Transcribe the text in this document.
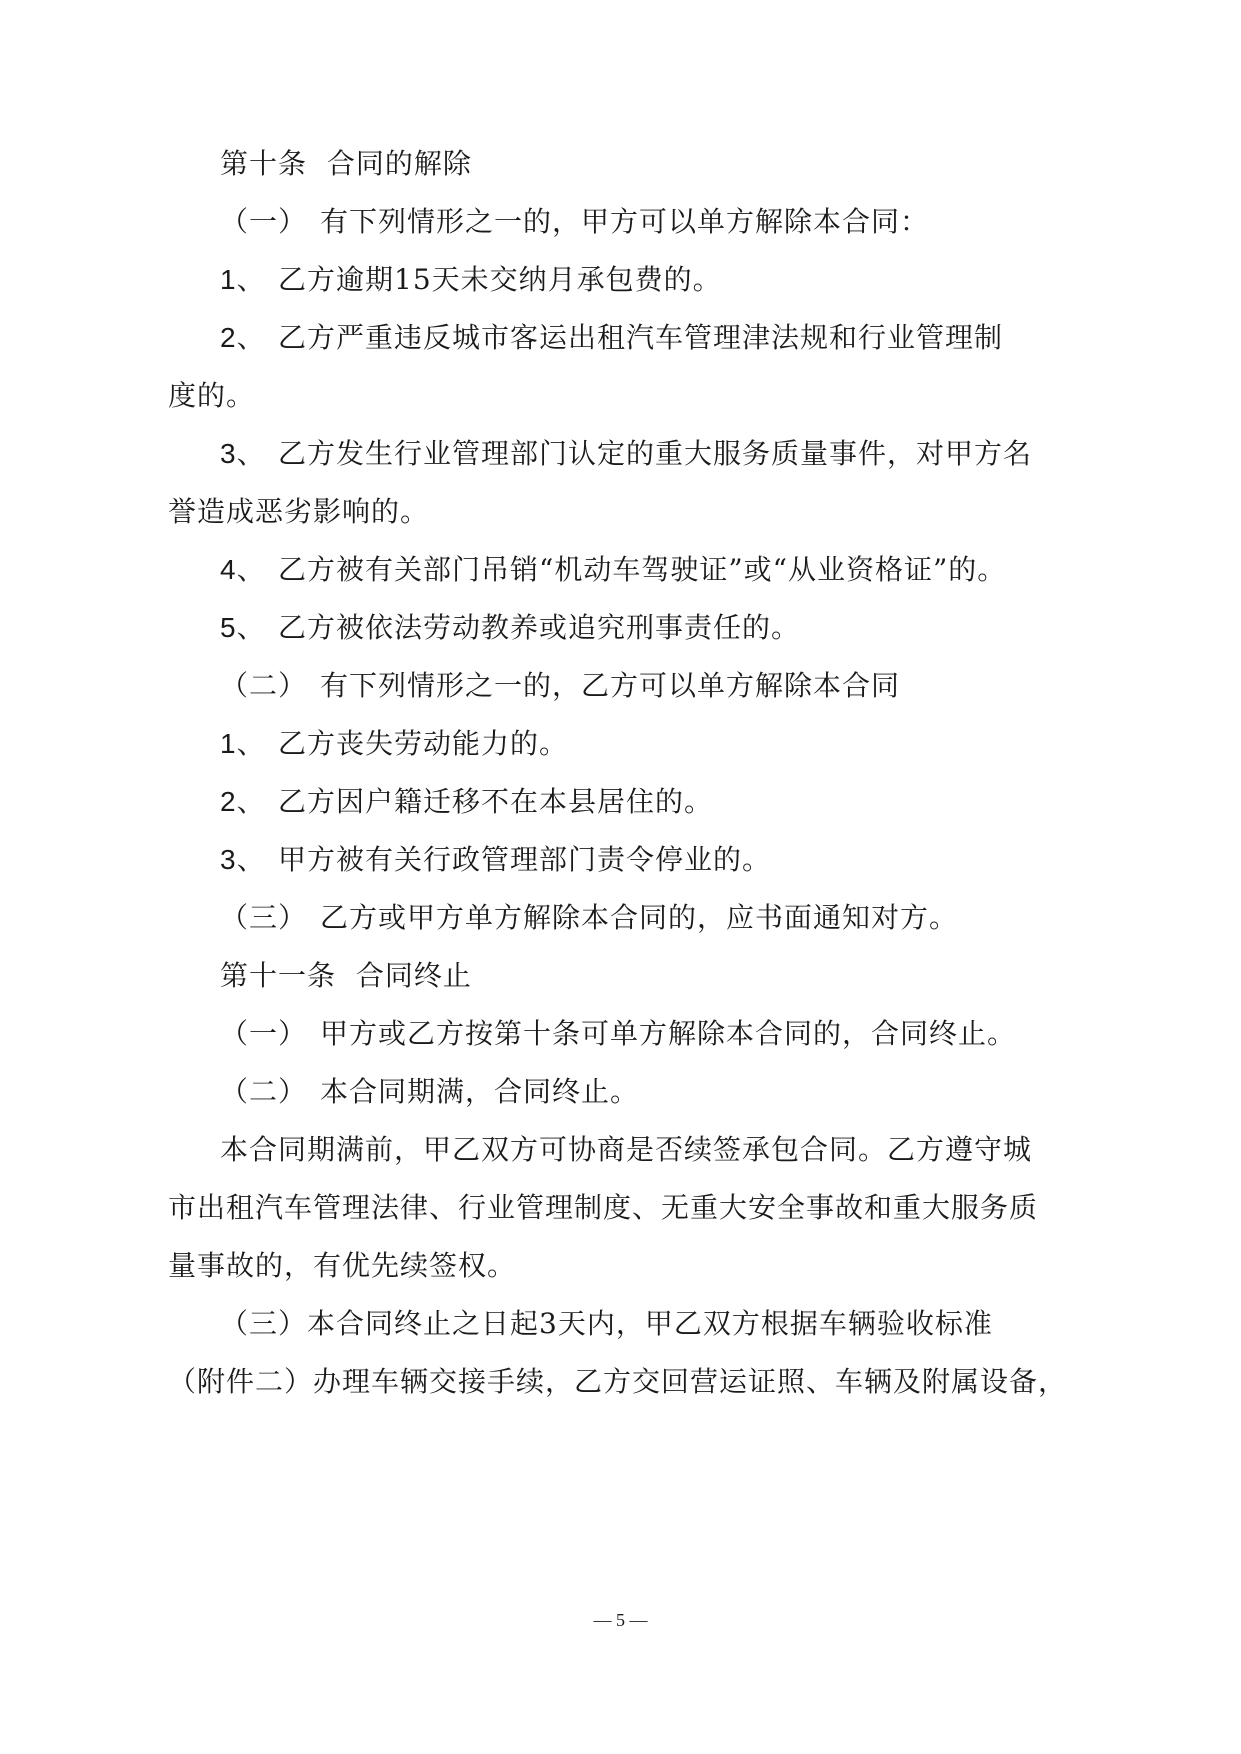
第十条 合同的解除
（一） 有下列情形之一的，甲方可以单方解除本合同：
1、 乙方逾期15天未交纳月承包费的。
2、 乙方严重违反城市客运出租汽车管理津法规和行业管理制
度的。
3、 乙方发生行业管理部门认定的重大服务质量事件，对甲方名
誉造成恶劣影响的。
4、 乙方被有关部门吊销“机动车驾驶证”或“从业资格证”的。
5、 乙方被依法劳动教养或追究刑事责任的。
（二） 有下列情形之一的，乙方可以单方解除本合同
1、 乙方丧失劳动能力的。
2、 乙方因户籍迁移不在本县居住的。
3、 甲方被有关行政管理部门责令停业的。
（三） 乙方或甲方单方解除本合同的，应书面通知对方。
第十一条 合同终止
（一） 甲方或乙方按第十条可单方解除本合同的，合同终止。
（二） 本合同期满，合同终止。
本合同期满前，甲乙双方可协商是否续签承包合同。乙方遵守城
市出租汽车管理法律、行业管理制度、无重大安全事故和重大服务质
量事故的，有优先续签权。
（三）本合同终止之日起3天内，甲乙双方根据车辆验收标准
（附件二）办理车辆交接手续，乙方交回营运证照、车辆及附属设备，
— 5 —
